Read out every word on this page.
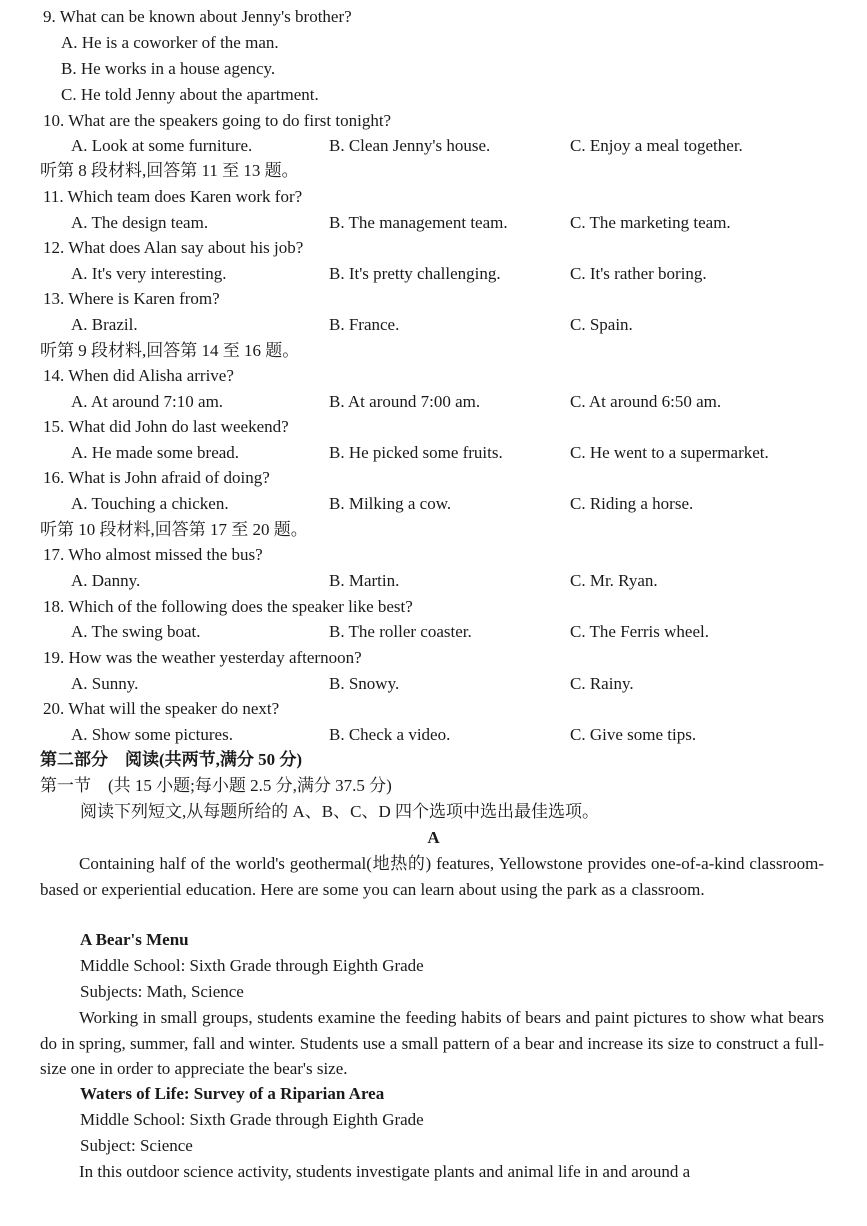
9. What can be known about Jenny's brother?
A. He is a coworker of the man.
B. He works in a house agency.
C. He told Jenny about the apartment.
10. What are the speakers going to do first tonight?
A. Look at some furniture.	B. Clean Jenny's house.	C. Enjoy a meal together.
听第 8 段材料,回答第 11 至 13 题。
11. Which team does Karen work for?
A. The design team.	B. The management team.	C. The marketing team.
12. What does Alan say about his job?
A. It's very interesting.	B. It's pretty challenging.	C. It's rather boring.
13. Where is Karen from?
A. Brazil.	B. France.	C. Spain.
听第 9 段材料,回答第 14 至 16 题。
14. When did Alisha arrive?
A. At around 7:10 am.	B. At around 7:00 am.	C. At around 6:50 am.
15. What did John do last weekend?
A. He made some bread.	B. He picked some fruits.	C. He went to a supermarket.
16. What is John afraid of doing?
A. Touching a chicken.	B. Milking a cow.	C. Riding a horse.
听第 10 段材料,回答第 17 至 20 题。
17. Who almost missed the bus?
A. Danny.	B. Martin.	C. Mr. Ryan.
18. Which of the following does the speaker like best?
A. The swing boat.	B. The roller coaster.	C. The Ferris wheel.
19. How was the weather yesterday afternoon?
A. Sunny.	B. Snowy.	C. Rainy.
20. What will the speaker do next?
A. Show some pictures.	B. Check a video.	C. Give some tips.
第二部分　阅读(共两节,满分 50 分)
第一节　(共 15 小题;每小题 2.5 分,满分 37.5 分)
阅读下列短文,从每题所给的 A、B、C、D 四个选项中选出最佳选项。
A
Containing half of the world's geothermal(地热的) features, Yellowstone provides one-of-a-kind classroom-based or experiential education. Here are some you can learn about using the park as a classroom.
A Bear's Menu
Middle School: Sixth Grade through Eighth Grade
Subjects: Math, Science
Working in small groups, students examine the feeding habits of bears and paint pictures to show what bears do in spring, summer, fall and winter. Students use a small pattern of a bear and increase its size to construct a full-size one in order to appreciate the bear's size.
Waters of Life: Survey of a Riparian Area
Middle School: Sixth Grade through Eighth Grade
Subject: Science
In this outdoor science activity, students investigate plants and animal life in and around a
